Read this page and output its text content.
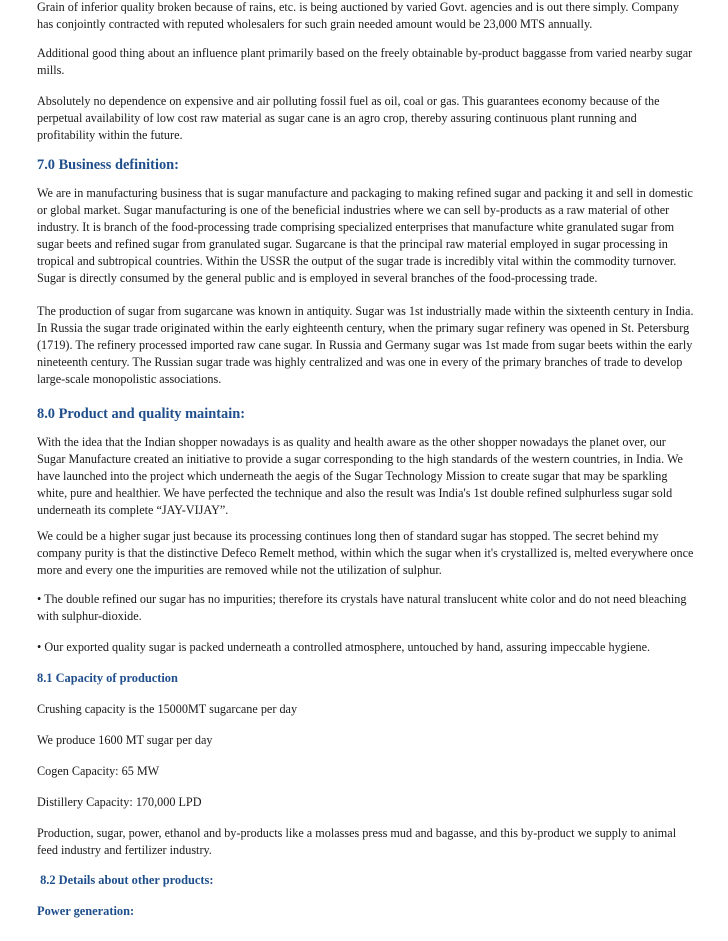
Grain of inferior quality broken because of rains, etc. is being auctioned by varied Govt. agencies and is out there simply. Company has conjointly contracted with reputed wholesalers for such grain needed amount would be 23,000 MTS annually.

Additional good thing about an influence plant primarily based on the freely obtainable by-product baggasse from varied nearby sugar mills.

Absolutely no dependence on expensive and air polluting fossil fuel as oil, coal or gas. This guarantees economy because of the perpetual availability of low cost raw material as sugar cane is an agro crop, thereby assuring continuous plant running and profitability within the future.

7.0 Business definition:

We are in manufacturing business that is sugar manufacture and packaging to making refined sugar and packing it and sell in domestic or global market. Sugar manufacturing is one of the beneficial industries where we can sell by-products as a raw material of other industry. It is branch of the food-processing trade comprising specialized enterprises that manufacture white granulated sugar from sugar beets and refined sugar from granulated sugar. Sugarcane is that the principal raw material employed in sugar processing in tropical and subtropical countries. Within the USSR the output of the sugar trade is incredibly vital within the commodity turnover. Sugar is directly consumed by the general public and is employed in several branches of the food-processing trade.

The production of sugar from sugarcane was known in antiquity. Sugar was 1st industrially made within the sixteenth century in India. In Russia the sugar trade originated within the early eighteenth century, when the primary sugar refinery was opened in St. Petersburg (1719). The refinery processed imported raw cane sugar. In Russia and Germany sugar was 1st made from sugar beets within the early nineteenth century. The Russian sugar trade was highly centralized and was one in every of the primary branches of trade to develop large-scale monopolistic associations.

8.0 Product and quality maintain:

With the idea that the Indian shopper nowadays is as quality and health aware as the other shopper nowadays the planet over, our Sugar Manufacture created an initiative to provide a sugar corresponding to the high standards of the western countries, in India. We have launched into the project which underneath the aegis of the Sugar Technology Mission to create sugar that may be sparkling white, pure and healthier. We have perfected the technique and also the result was India's 1st double refined sulphurless sugar sold underneath its complete “JAY-VIJAY”.

We could be a higher sugar just because its processing continues long then of standard sugar has stopped. The secret behind my company purity is that the distinctive Defeco Remelt method, within which the sugar when it's crystallized is, melted everywhere once more and every one the impurities are removed while not the utilization of sulphur.

• The double refined our sugar has no impurities; therefore its crystals have natural translucent white color and do not need bleaching with sulphur-dioxide.

• Our exported quality sugar is packed underneath a controlled atmosphere, untouched by hand, assuring impeccable hygiene.

8.1 Capacity of production

Crushing capacity is the 15000MT sugarcane per day

We produce 1600 MT sugar per day

Cogen Capacity: 65 MW

Distillery Capacity: 170,000 LPD

Production, sugar, power, ethanol and by-products like a molasses press mud and bagasse, and this by-product we supply to animal feed industry and fertilizer industry.

8.2 Details about other products:
Power generation:
